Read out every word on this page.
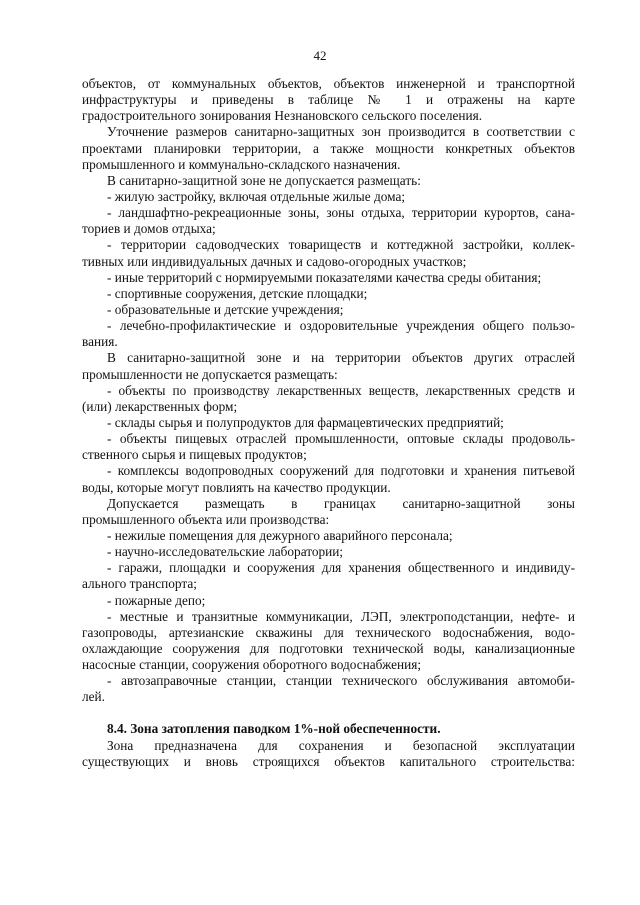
42
объектов, от коммунальных объектов, объектов инженерной и транспортной
инфраструктуры и приведены в таблице № 1 и отражены на карте
градостроительного зонирования Незнановского сельского поселения.
Уточнение размеров санитарно-защитных зон производится в соответствии с
проектами планировки территории, а также мощности конкретных объектов
промышленного и коммунально-складского назначения.
В санитарно-защитной зоне не допускается размещать:
- жилую застройку, включая отдельные жилые дома;
- ландшафтно-рекреационные зоны, зоны отдыха, территории курортов, сана-
ториев и домов отдыха;
- территории садоводческих товариществ и коттеджной застройки, коллек-
тивных или индивидуальных дачных и садово-огородных участков;
- иные территорий с нормируемыми показателями качества среды обитания;
- спортивные сооружения, детские площадки;
- образовательные и детские учреждения;
- лечебно-профилактические и оздоровительные учреждения общего пользо-
вания.
В санитарно-защитной зоне и на территории объектов других отраслей
промышленности не допускается размещать:
- объекты по производству лекарственных веществ, лекарственных средств и
(или) лекарственных форм;
- склады сырья и полупродуктов для фармацевтических предприятий;
- объекты пищевых отраслей промышленности, оптовые склады продоволь-
ственного сырья и пищевых продуктов;
- комплексы водопроводных сооружений для подготовки и хранения питьевой
воды, которые могут повлиять на качество продукции.
Допускается размещать в границах санитарно-защитной зоны
промышленного объекта или производства:
- нежилые помещения для дежурного аварийного персонала;
- научно-исследовательские лаборатории;
- гаражи, площадки и сооружения для хранения общественного и индивиду-
ального транспорта;
- пожарные депо;
- местные и транзитные коммуникации, ЛЭП, электроподстанции, нефте- и
газопроводы, артезианские скважины для технического водоснабжения, водо-
охлаждающие сооружения для подготовки технической воды, канализационные
насосные станции, сооружения оборотного водоснабжения;
- автозаправочные станции, станции технического обслуживания автомоби-
лей.
8.4. Зона затопления паводком 1%-ной обеспеченности.
Зона предназначена для сохранения и безопасной эксплуатации
существующих и вновь строящихся объектов капитального строительства:
